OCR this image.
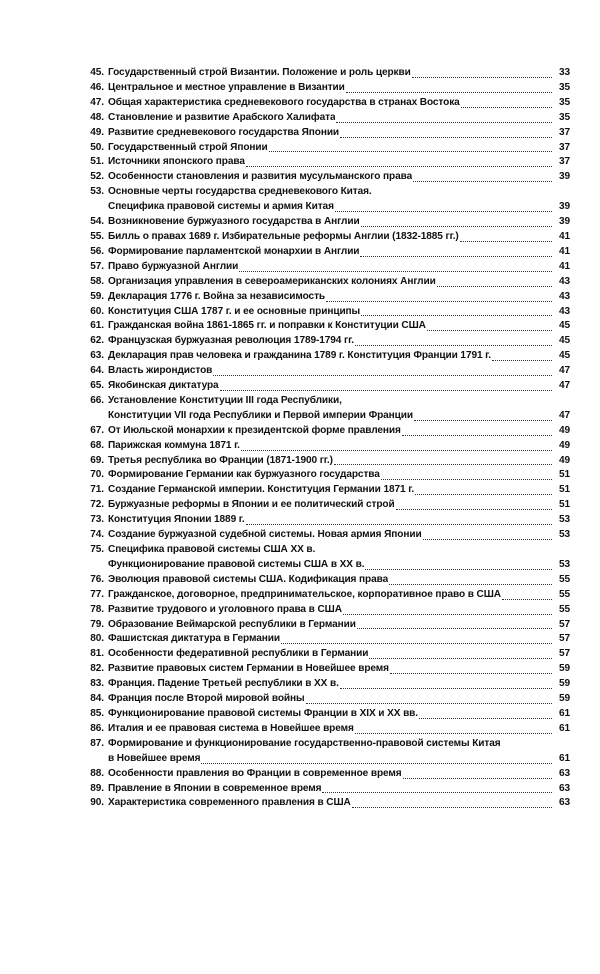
45. Государственный строй Византии. Положение и роль церкви	33
46. Центральное и местное управление в Византии	35
47. Общая характеристика средневекового государства в странах Востока	35
48. Становление и развитие Арабского Халифата	35
49. Развитие средневекового государства Японии	37
50. Государственный строй Японии	37
51. Источники японского права	37
52. Особенности становления и развития мусульманского права	39
53. Основные черты государства средневекового Китая.
Специфика правовой системы и армия Китая	39
54. Возникновение буржуазного государства в Англии	39
55. Билль о правах 1689 г. Избирательные реформы Англии (1832-1885 гг.)	41
56. Формирование парламентской монархии в Англии	41
57. Право буржуазной Англии	41
58. Организация управления в североамериканских колониях Англии	43
59. Декларация 1776 г. Война за независимость	43
60. Конституция США 1787 г. и ее основные принципы	43
61. Гражданская война 1861-1865 гг. и поправки к Конституции США	45
62. Французская буржуазная революция 1789-1794 гг.	45
63. Декларация прав человека и гражданина 1789 г. Конституция Франции 1791 г.	45
64. Власть жирондистов	47
65. Якобинская диктатура	47
66. Установление Конституции III года Республики,
Конституции VII года Республики и Первой империи Франции	47
67. От Июльской монархии к президентской форме правления	49
68. Парижская коммуна 1871 г.	49
69. Третья республика во Франции (1871-1900 гг.)	49
70. Формирование Германии как буржуазного государства	51
71. Создание Германской империи. Конституция Германии 1871 г.	51
72. Буржуазные реформы в Японии и ее политический строй	51
73. Конституция Японии 1889 г.	53
74. Создание буржуазной судебной системы. Новая армия Японии	53
75. Специфика правовой системы США XX в.
Функционирование правовой системы США в XX в.	53
76. Эволюция правовой системы США. Кодификация права	55
77. Гражданское, договорное, предпринимательское, корпоративное право в США	55
78. Развитие трудового и уголовного права в США	55
79. Образование Веймарской республики в Германии	57
80. Фашистская диктатура в Германии	57
81. Особенности федеративной республики в Германии	57
82. Развитие правовых систем Германии в Новейшее время	59
83. Франция. Падение Третьей республики в XX в.	59
84. Франция после Второй мировой войны	59
85. Функционирование правовой системы Франции в XIX и XX вв.	61
86. Италия и ее правовая система в Новейшее время	61
87. Формирование и функционирование государственно-правовой системы Китая
в Новейшее время	61
88. Особенности правления во Франции в современное время	63
89. Правление в Японии в современное время	63
90. Характеристика современного правления в США	63
